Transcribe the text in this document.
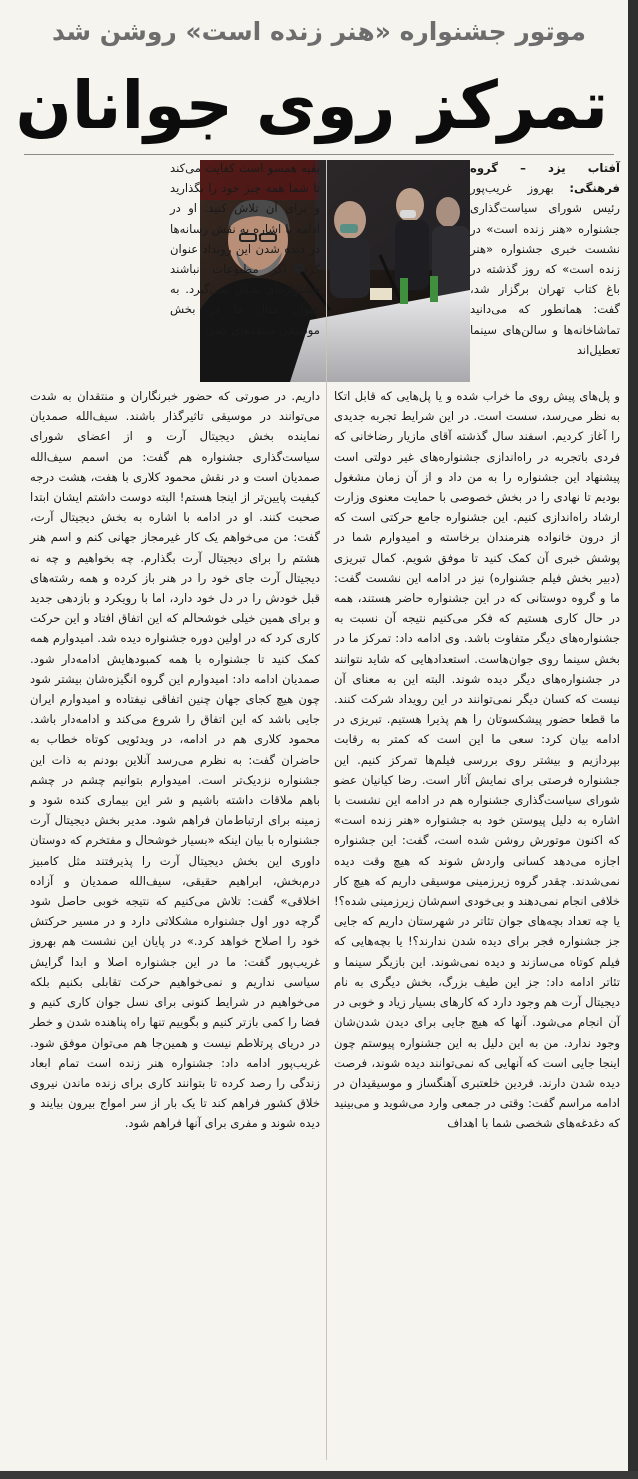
موتور جشنواره «هنر زنده است» روشن شد
تمرکز روی جوانان

آفتاب یزد – گروه فرهنگی: بهروز غریب‌پور رئیس شورای سیاست‌گذاری جشنواره «هنر زنده است» در نشست خبری جشنواره «هنر زنده است» که روز گذشته در باغ کتاب تهران برگزار شد، گفت: همانطور که می‌دانید تماشاخانه‌ها و سالن‌های سینما تعطیل‌اند

و پل‌های پیش روی ما خراب شده و یا پل‌هایی که قابل اتکا به نظر می‌رسد، سست است. در این شرایط تجربه جدیدی را آغاز کردیم. اسفند سال گذشته آقای مازیار رضاخانی که فردی باتجربه در راه‌اندازی جشنواره‌های غیر دولتی است پیشنهاد این جشنواره را به من داد و از آن زمان مشغول بودیم تا نهادی را در بخش خصوصی با حمایت معنوی وزارت ارشاد راه‌اندازی کنیم. این جشنواره جامع حرکتی است که از درون خانواده هنرمندان برخاسته و امیدوارم شما در پوشش خبری آن کمک کنید تا موفق شویم. کمال تبریزی (دبیر بخش فیلم جشنواره) نیز در ادامه این نشست گفت: ما و گروه دوستانی که در این جشنواره حاضر هستند، همه در حال کاری هستیم که فکر می‌کنیم نتیجه آن نسبت به جشنواره‌های دیگر متفاوت باشد. وی ادامه داد: تمرکز ما در بخش سینما روی جوان‌هاست. استعدادهایی که شاید نتوانند در جشنواره‌های دیگر دیده شوند. البته این به معنای آن نیست که کسان دیگر نمی‌توانند در این رویداد شرکت کنند. ما قطعا حضور پیشکسوتان را هم پذیرا هستیم. تبریزی در ادامه بیان کرد: سعی ما این است که کمتر به رقابت بپردازیم و بیشتر روی بررسی فیلم‌ها تمرکز کنیم. این جشنواره فرصتی برای نمایش آثار است. رضا کیانیان عضو شورای سیاست‌گذاری جشنواره هم در ادامه این نشست با اشاره به دلیل پیوستن خود به جشنواره «هنر زنده است» که اکنون موتورش روشن شده است، گفت: این جشنواره اجازه می‌دهد کسانی واردش شوند که هیچ وقت دیده نمی‌شدند. چقدر گروه زیرزمینی موسیقی داریم که هیچ کار خلافی انجام نمی‌دهند و بی‌خودی اسم‌شان زیرزمینی شده؟! یا چه تعداد بچه‌های جوان تئاتر در شهرستان داریم که جایی جز جشنواره فجر برای دیده شدن ندارند؟! یا بچه‌هایی که فیلم کوتاه می‌سازند و دیده نمی‌شوند. این بازیگر سینما و تئاتر ادامه داد: جز این طیف بزرگ، بخش دیگری به نام دیجیتال آرت هم وجود دارد که کارهای بسیار زیاد و خوبی در آن انجام می‌شود. آنها که هیچ جایی برای دیدن شدن‌شان وجود ندارد. من به این دلیل به این جشنواره پیوستم چون اینجا جایی است که آنهایی که نمی‌توانند دیده شوند، فرصت دیده شدن دارند. فردین خلعتبری آهنگساز و موسیقیدان در ادامه مراسم گفت: وقتی در جمعی وارد می‌شوید و می‌بینید که دغدغه‌های شخصی شما با اهداف

بقیه همسو است کفایت می‌کند تا شما همه چیز خود را بگذارید و برای آن تلاش کنید. او در ادامه با اشاره به نقش رسانه‌ها در دیده شدن این رویداد عنوان کرد: اگر مطبوعات نباشند جشنواره‌ای شکل نمی‌گیرد. به عنوان مثال ما در بخش موسیقی منتقدهای کمی

داریم. در صورتی که حضور خبرنگاران و منتقدان به شدت می‌توانند در موسیقی تاثیرگذار باشند. سیف‌الله صمدیان نماینده بخش دیجیتال آرت و از اعضای شورای سیاست‌گذاری جشنواره هم گفت: من اسمم سیف‌الله صمدیان است و در نقش محمود کلاری با هفت، هشت درجه کیفیت پایین‌تر از اینجا هستم! البته دوست داشتم ایشان ابتدا صحبت کنند. او در ادامه با اشاره به بخش دیجیتال آرت، گفت: من می‌خواهم یک کار غیرمجاز جهانی کنم و اسم هنر هشتم را برای دیجیتال آرت بگذارم. چه بخواهیم و چه نه دیجیتال آرت جای خود را در هنر باز کرده و همه رشته‌های قبل خودش را در دل خود دارد، اما با رویکرد و بازدهی جدید و برای همین خیلی خوشحالم که این اتفاق افتاد و این حرکت کاری کرد که در اولین دوره جشنواره دیده شد. امیدوارم همه کمک کنید تا جشنواره با همه کمبودهایش ادامه‌دار شود. صمدیان ادامه داد: امیدوارم این گروه انگیزه‌شان بیشتر شود چون هیچ کجای جهان چنین اتفاقی نیفتاده و امیدوارم ایران جایی باشد که این اتفاق را شروع می‌کند و ادامه‌دار باشد. محمود کلاری هم در ادامه، در ویدئویی کوتاه خطاب به حاضران گفت: به نظرم می‌رسد آنلاین بودنم به ذات این جشنواره نزدیک‌تر است. امیدوارم بتوانیم چشم در چشم باهم ملاقات داشته باشیم و شر این بیماری کنده شود و زمینه برای ارتباط‌مان فراهم شود. مدیر بخش دیجیتال آرت جشنواره با بیان اینکه «بسیار خوشحال و مفتخرم که دوستان داوری این بخش دیجیتال آرت را پذیرفتند مثل کامبیز درم‌بخش، ابراهیم حقیقی، سیف‌الله صمدیان و آزاده اخلاقی» گفت: تلاش می‌کنیم که نتیجه خوبی حاصل شود گرچه دور اول جشنواره مشکلاتی دارد و در مسیر حرکتش خود را اصلاح خواهد کرد.» در پایان این نشست هم بهروز غریب‌پور گفت: ما در این جشنواره اصلا و ابدا گرایش سیاسی نداریم و نمی‌خواهیم حرکت تقابلی بکنیم بلکه می‌خواهیم در شرایط کنونی برای نسل جوان کاری کنیم و فضا را کمی بازتر کنیم و بگوییم تنها راه پناهنده شدن و خطر در دریای پرتلاطم نیست و همین‌جا هم می‌توان موفق شود. غریب‌پور ادامه داد: جشنواره هنر زنده است تمام ابعاد زندگی را رصد کرده تا بتوانند کاری برای زنده ماندن نیروی خلاق کشور فراهم کند تا یک بار از سر امواج بیرون بیایند و دیده شوند و مفری برای آنها فراهم شود.
